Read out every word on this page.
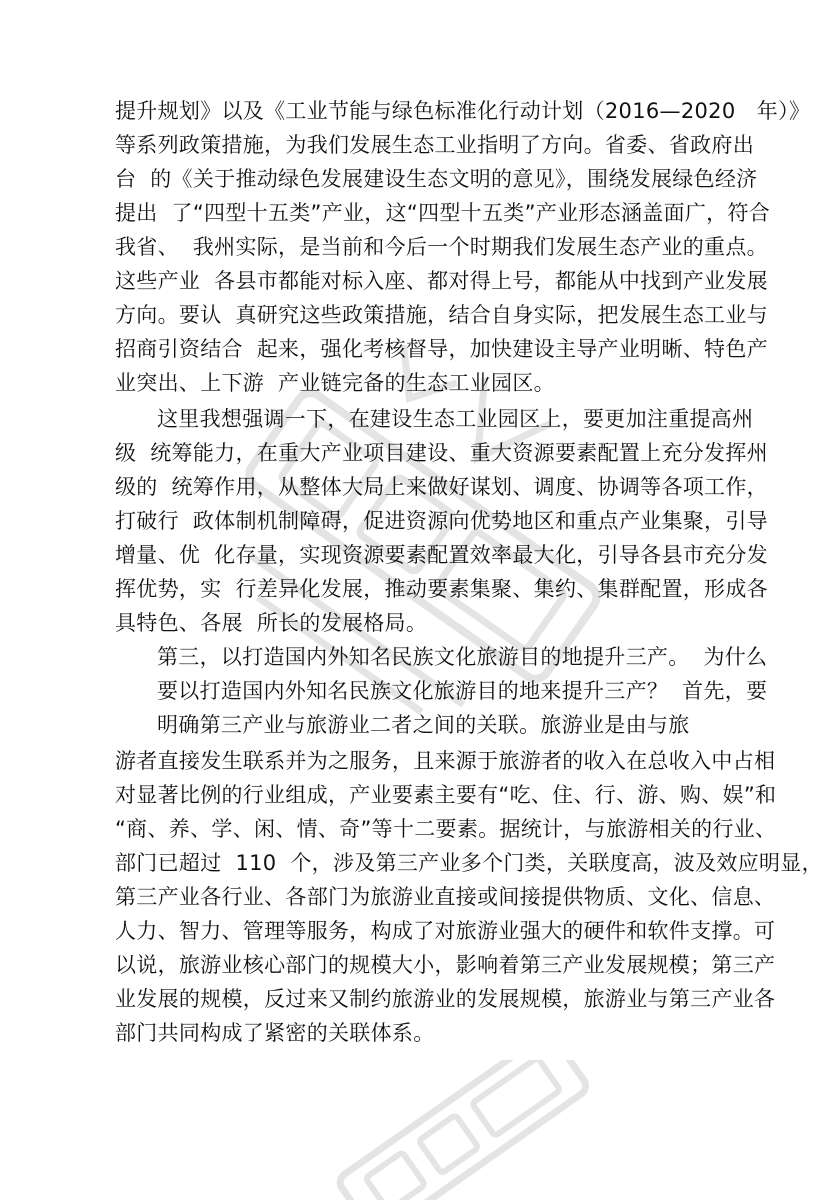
提升规划》以及《工业节能与绿色标准化行动计划（2016—2020　年）》
等系列政策措施，为我们发展生态工业指明了方向。省委、省政府出
台  的《关于推动绿色发展建设生态文明的意见》，围绕发展绿色经济
提出  了“四型十五类”产业，这“四型十五类”产业形态涵盖面广，符合
我省、  我州实际，是当前和今后一个时期我们发展生态产业的重点。
这些产业  各县市都能对标入座、都对得上号，都能从中找到产业发展
方向。要认  真研究这些政策措施，结合自身实际，把发展生态工业与
招商引资结合  起来，强化考核督导，加快建设主导产业明晰、特色产
业突出、上下游  产业链完备的生态工业园区。
这里我想强调一下，在建设生态工业园区上，要更加注重提高州
级  统筹能力，在重大产业项目建设、重大资源要素配置上充分发挥州
级的  统筹作用，从整体大局上来做好谋划、调度、协调等各项工作，
打破行  政体制机制障碍，促进资源向优势地区和重点产业集聚，引导
增量、优  化存量，实现资源要素配置效率最大化，引导各县市充分发
挥优势，实  行差异化发展，推动要素集聚、集约、集群配置，形成各
具特色、各展  所长的发展格局。
第三，以打造国内外知名民族文化旅游目的地提升三产。  为什么
要以打造国内外知名民族文化旅游目的地来提升三产？  首先，要
明确第三产业与旅游业二者之间的关联。旅游业是由与旅
游者直接发生联系并为之服务，且来源于旅游者的收入在总收入中占相
对显著比例的行业组成，产业要素主要有“吃、住、行、游、购、娱”和
“商、养、学、闲、情、奇”等十二要素。据统计，与旅游相关的行业、
部门已超过  110  个，涉及第三产业多个门类，关联度高，波及效应明显，
第三产业各行业、各部门为旅游业直接或间接提供物质、文化、信息、
人力、智力、管理等服务，构成了对旅游业强大的硬件和软件支撑。可
以说，旅游业核心部门的规模大小，影响着第三产业发展规模；第三产
业发展的规模，反过来又制约旅游业的发展规模，旅游业与第三产业各
部门共同构成了紧密的关联体系。
